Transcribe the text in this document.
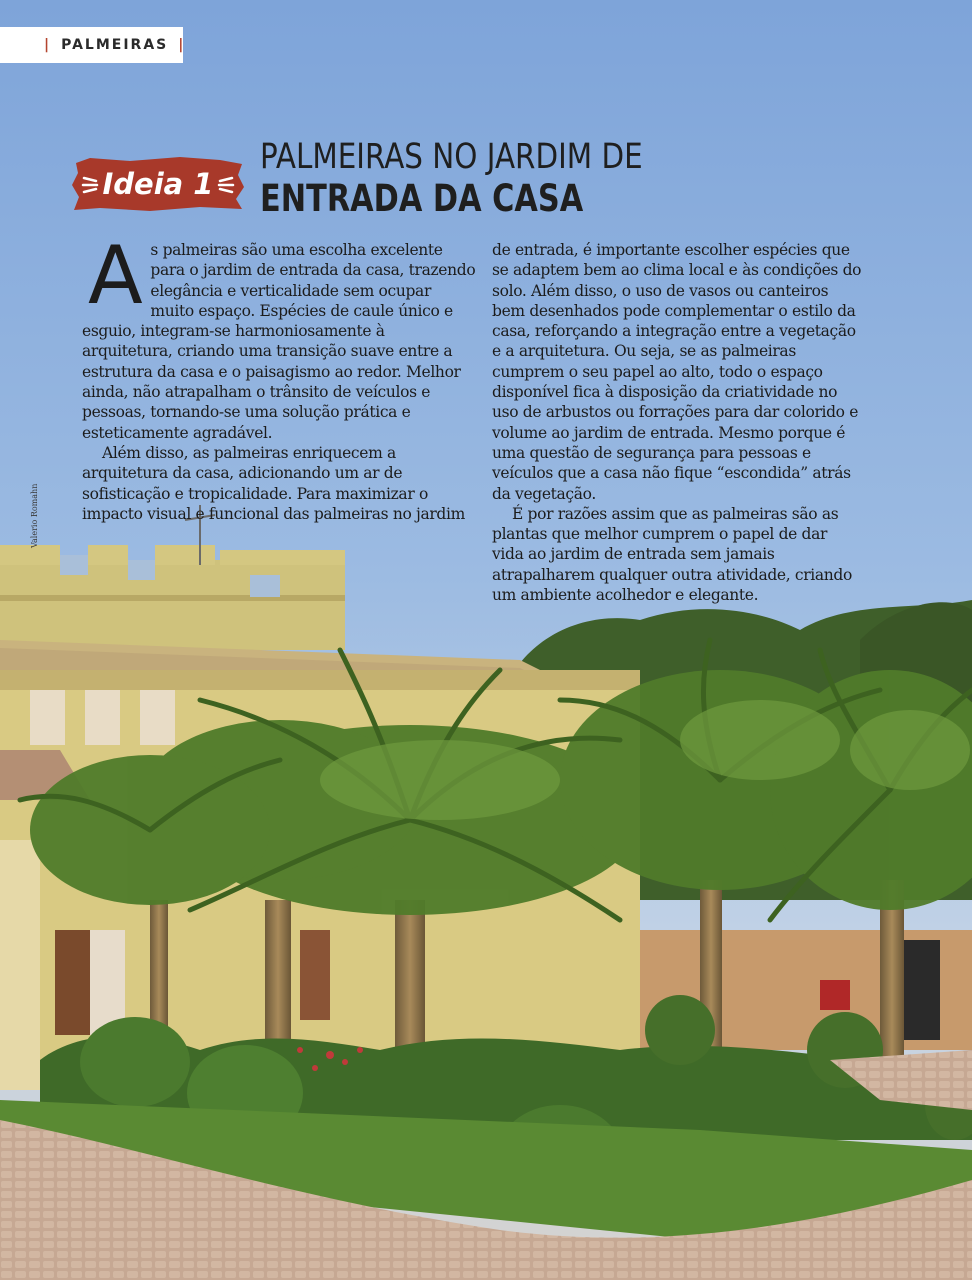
| PALMEIRAS |
Ideia 1
PALMEIRAS NO JARDIM DE
ENTRADA DA CASA

As palmeiras são uma escolha excelente para o jardim de entrada da casa, trazendo elegância e verticalidade sem ocupar muito espaço. Espécies de caule único e esguio, integram-se harmoniosamente à arquitetura, criando uma transição suave entre a estrutura da casa e o paisagismo ao redor. Melhor ainda, não atrapalham o trânsito de veículos e pessoas, tornando-se uma solução prática e esteticamente agradável.

Além disso, as palmeiras enriquecem a arquitetura da casa, adicionando um ar de sofisticação e tropicalidade. Para maximizar o impacto visual e funcional das palmeiras no jardim

de entrada, é importante escolher espécies que se adaptem bem ao clima local e às condições do solo. Além disso, o uso de vasos ou canteiros bem desenhados pode complementar o estilo da casa, reforçando a integração entre a vegetação e a arquitetura. Ou seja, se as palmeiras cumprem o seu papel ao alto, todo o espaço disponível fica à disposição da criatividade no uso de arbustos ou forrações para dar colorido e volume ao jardim de entrada. Mesmo porque é uma questão de segurança para pessoas e veículos que a casa não fique “escondida” atrás da vegetação.

É por razões assim que as palmeiras são as plantas que melhor cumprem o papel de dar vida ao jardim de entrada sem jamais atrapalharem qualquer outra atividade, criando um ambiente acolhedor e elegante.

Valerio Romahn
